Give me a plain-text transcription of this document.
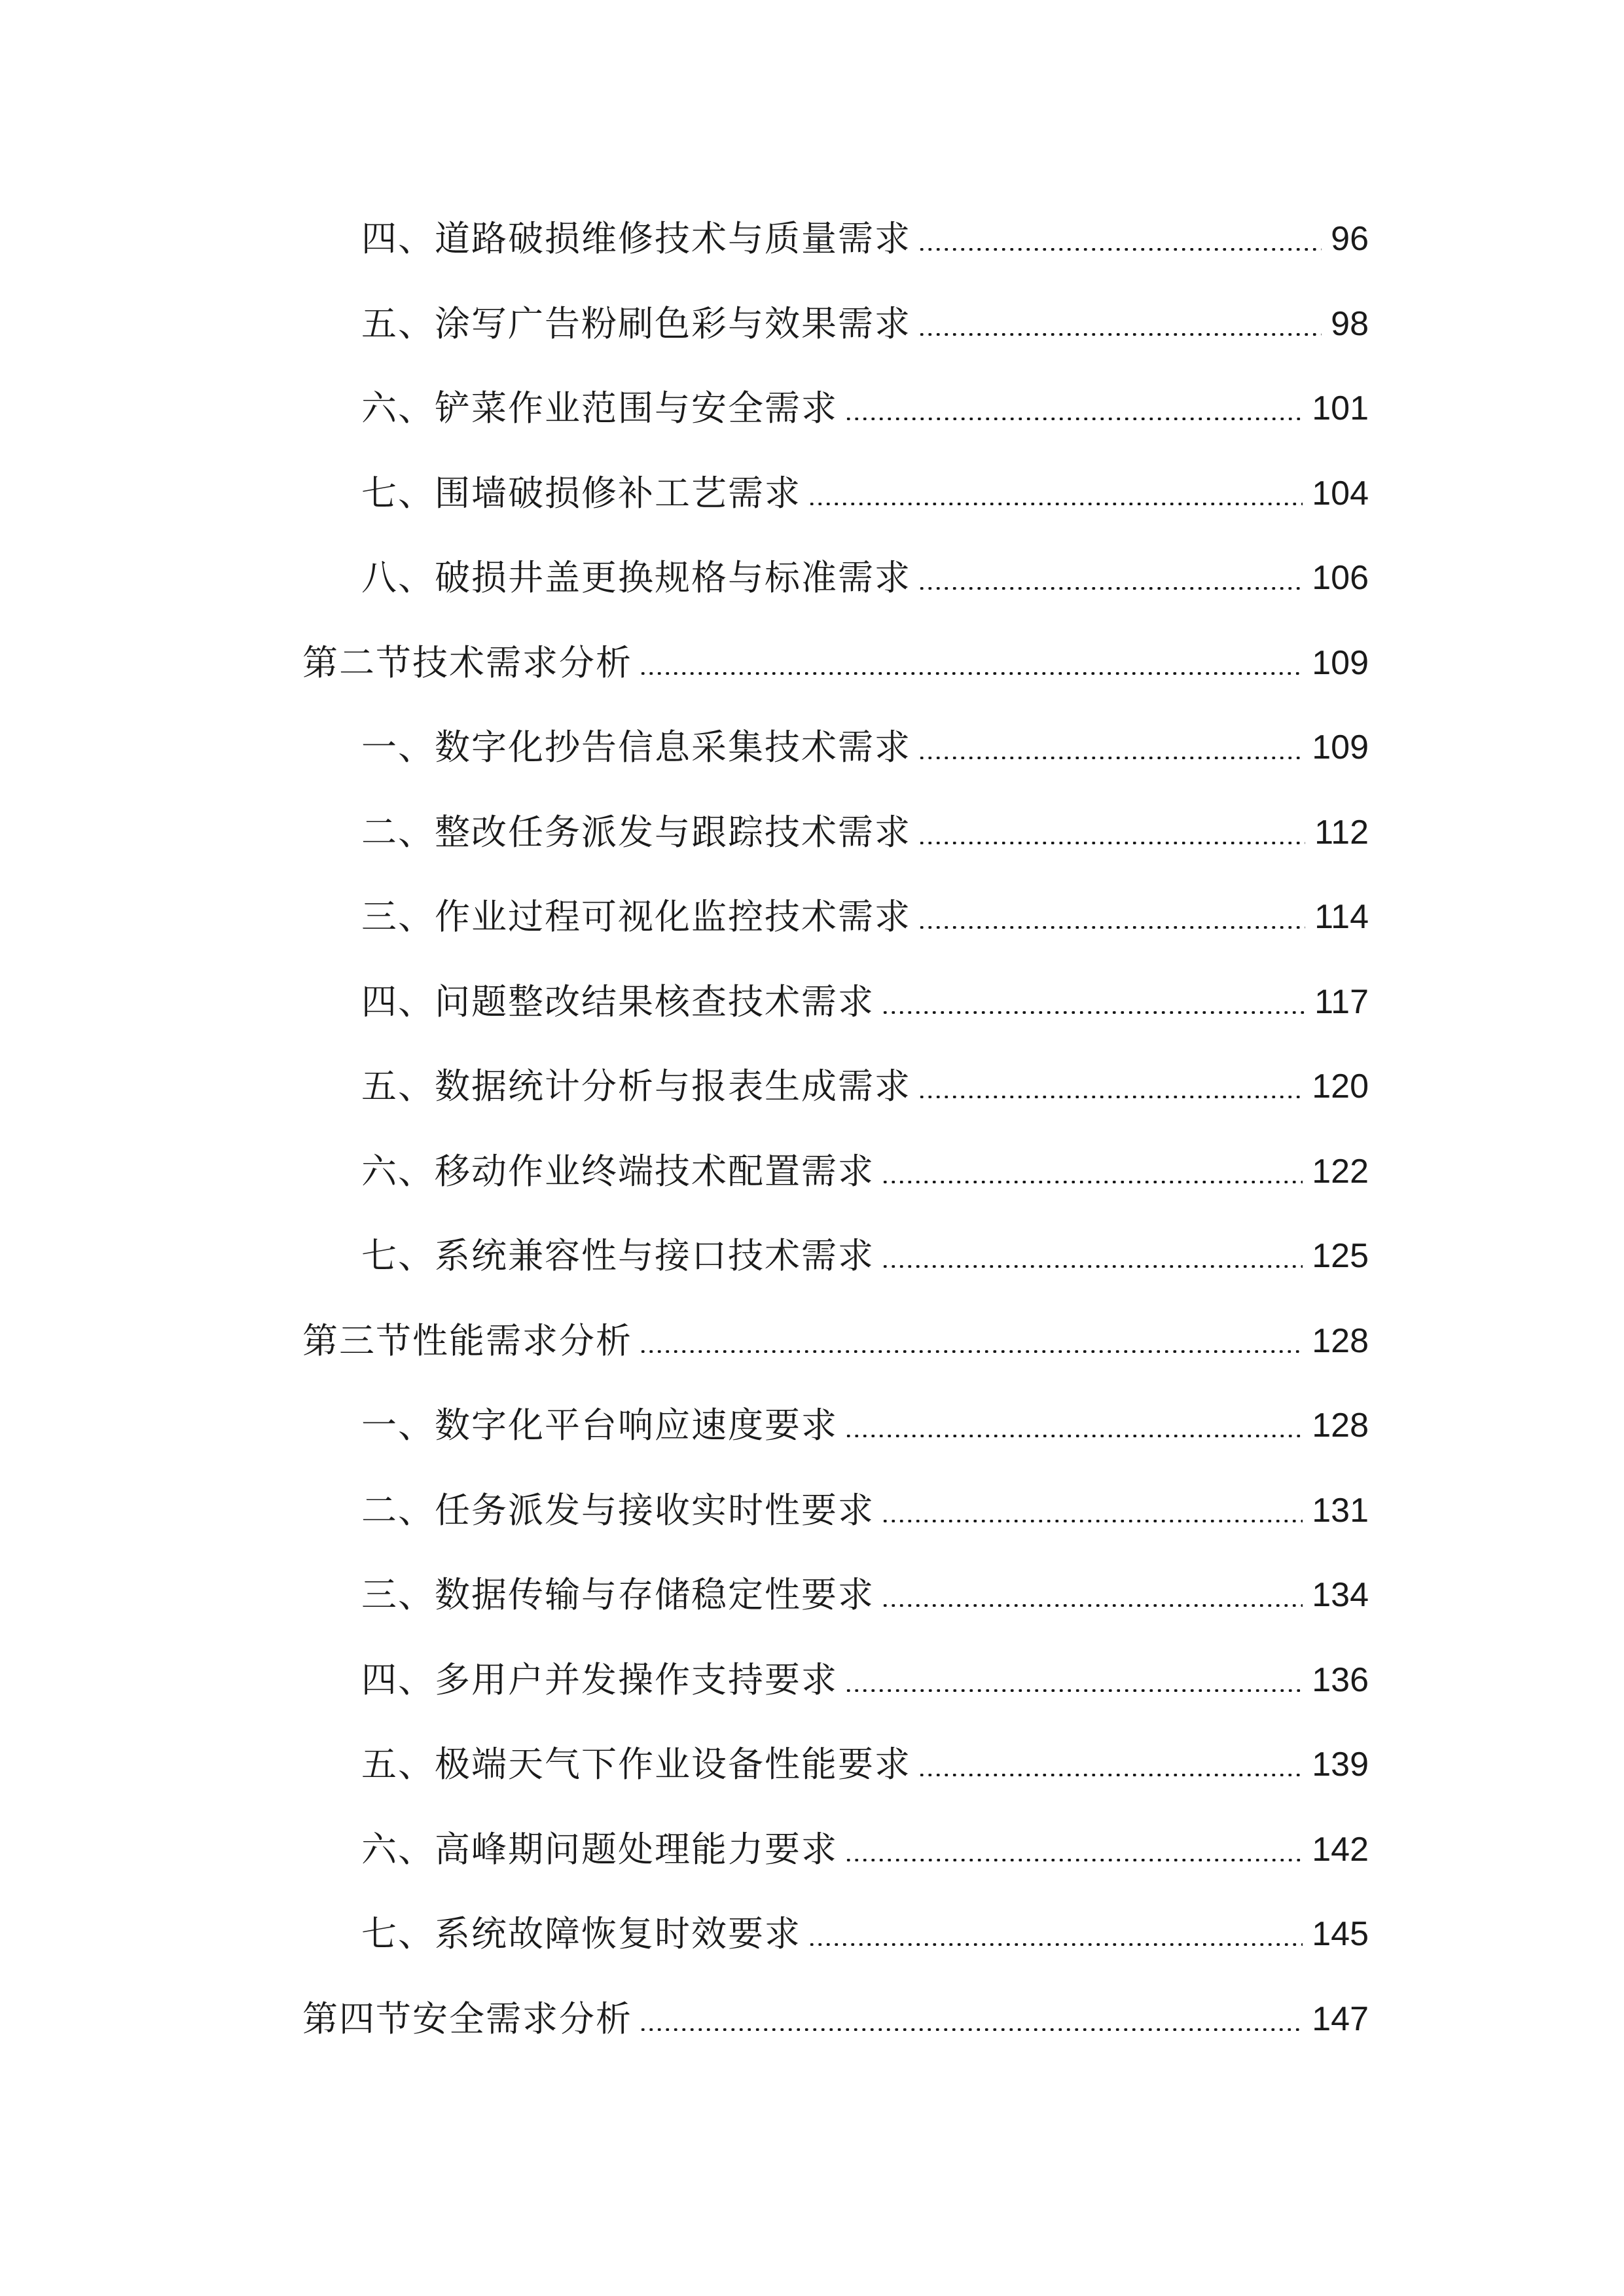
四、道路破损维修技术与质量需求	96
五、涂写广告粉刷色彩与效果需求	98
六、铲菜作业范围与安全需求	101
七、围墙破损修补工艺需求	104
八、破损井盖更换规格与标准需求	106
第二节技术需求分析	109
一、数字化抄告信息采集技术需求	109
二、整改任务派发与跟踪技术需求	112
三、作业过程可视化监控技术需求	114
四、问题整改结果核查技术需求	117
五、数据统计分析与报表生成需求	120
六、移动作业终端技术配置需求	122
七、系统兼容性与接口技术需求	125
第三节性能需求分析	128
一、数字化平台响应速度要求	128
二、任务派发与接收实时性要求	131
三、数据传输与存储稳定性要求	134
四、多用户并发操作支持要求	136
五、极端天气下作业设备性能要求	139
六、高峰期问题处理能力要求	142
七、系统故障恢复时效要求	145
第四节安全需求分析	147
